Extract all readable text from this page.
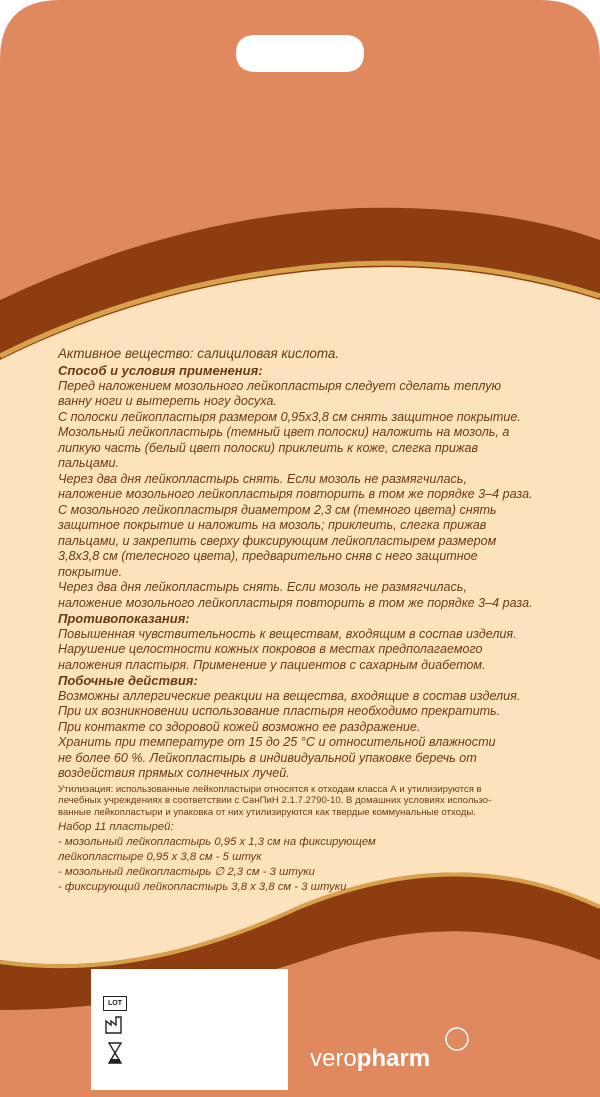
Активное вещество: салициловая кислота.

Способ и условия применения:

Перед наложением мозольного лейкопластыря следует сделать теплую
ванну ноги и вытереть ногу досуха.

С полоски лейкопластыря размером 0,95х3,8 см снять защитное покрытие.

Мозольный лейкопластырь (темный цвет полоски) наложить на мозоль, а
липкую часть (белый цвет полоски) приклеить к коже, слегка прижав
пальцами.

Через два дня лейкопластырь снять. Если мозоль не размягчилась,
наложение мозольного лейкопластыря повторить в том же порядке 3–4 раза.

С мозольного лейкопластыря диаметром 2,3 см (темного цвета) снять
защитное покрытие и наложить на мозоль; приклеить, слегка прижав
пальцами, и закрепить сверху фиксирующим лейкопластырем размером
3,8х3,8 см (телесного цвета), предварительно сняв с него защитное
покрытие.

Через два дня лейкопластырь снять. Если мозоль не размягчилась,
наложение мозольного лейкопластыря повторить в том же порядке 3–4 раза.

Противопоказания:

Повышенная чувствительность к веществам, входящим в состав изделия.

Нарушение целостности кожных покровов в местах предполагаемого
наложения пластыря. Применение у пациентов с сахарным диабетом.

Побочные действия:

Возможны аллергические реакции на вещества, входящие в состав изделия.

При их возникновении использование пластыря необходимо прекратить.

При контакте со здоровой кожей возможно ее раздражение.

Хранить при температуре от 15 до 25 °С и относительной влажности
не более 60 %. Лейкопластырь в индивидуальной упаковке беречь от
воздействия прямых солнечных лучей.

Утилизация: использованные лейкопластыри относятся к отходам класса А и утилизируются в
лечебных учреждениях в соответствии с СанПиН 2.1.7.2790-10. В домашних условиях использо-
ванные лейкопластыри и упаковка от них утилизируются как твердые коммунальные отходы.

Набор 11 пластырей:

- мозольный лейкопластырь 0,95 х 1,3 см на фиксирующем
лейкопластыре 0,95 х 3,8 см - 5 штук

- мозольный лейкопластырь ∅ 2,3 см - 3 штуки

- фиксирующий лейкопластырь 3,8 х 3,8 см - 3 штуки

LOT
veropharm
